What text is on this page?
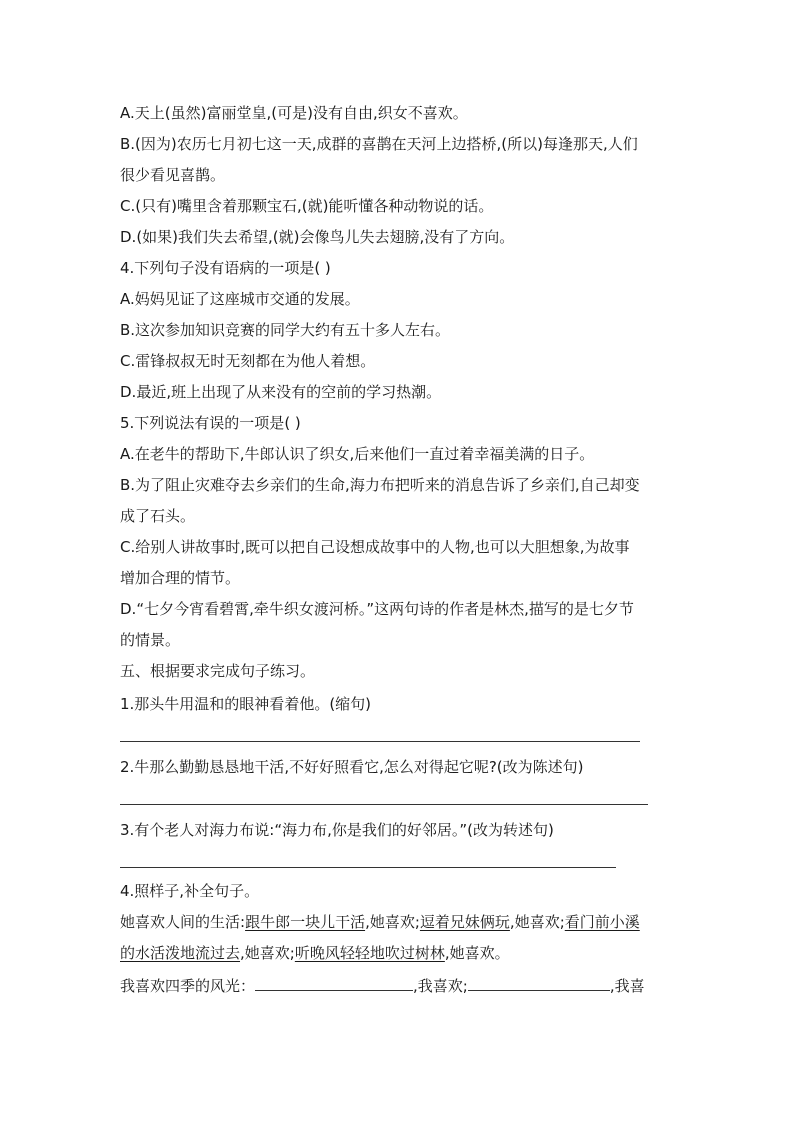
A.天上(虽然)富丽堂皇,(可是)没有自由,织女不喜欢。
B.(因为)农历七月初七这一天,成群的喜鹊在天河上边搭桥,(所以)每逢那天,人们
很少看见喜鹊。
C.(只有)嘴里含着那颗宝石,(就)能听懂各种动物说的话。
D.(如果)我们失去希望,(就)会像鸟儿失去翅膀,没有了方向。
4.下列句子没有语病的一项是( )
A.妈妈见证了这座城市交通的发展。
B.这次参加知识竞赛的同学大约有五十多人左右。
C.雷锋叔叔无时无刻都在为他人着想。
D.最近,班上出现了从来没有的空前的学习热潮。
5.下列说法有误的一项是( )
A.在老牛的帮助下,牛郎认识了织女,后来他们一直过着幸福美满的日子。
B.为了阻止灾难夺去乡亲们的生命,海力布把听来的消息告诉了乡亲们,自己却变
成了石头。
C.给别人讲故事时,既可以把自己设想成故事中的人物,也可以大胆想象,为故事
增加合理的情节。
D.“七夕今宵看碧霄,牵牛织女渡河桥。”这两句诗的作者是林杰,描写的是七夕节
的情景。
五、根据要求完成句子练习。
1.那头牛用温和的眼神看着他。(缩句)
2.牛那么勤勤恳恳地干活,不好好照看它,怎么对得起它呢?(改为陈述句)
3.有个老人对海力布说:“海力布,你是我们的好邻居。”(改为转述句)
4.照样子,补全句子。
她喜欢人间的生活:跟牛郎一块儿干活,她喜欢;逗着兄妹俩玩,她喜欢;看门前小溪
的水活泼地流过去,她喜欢;听晚风轻轻地吹过树林,她喜欢。
我喜欢四季的风光：	,我喜欢;	,我喜
